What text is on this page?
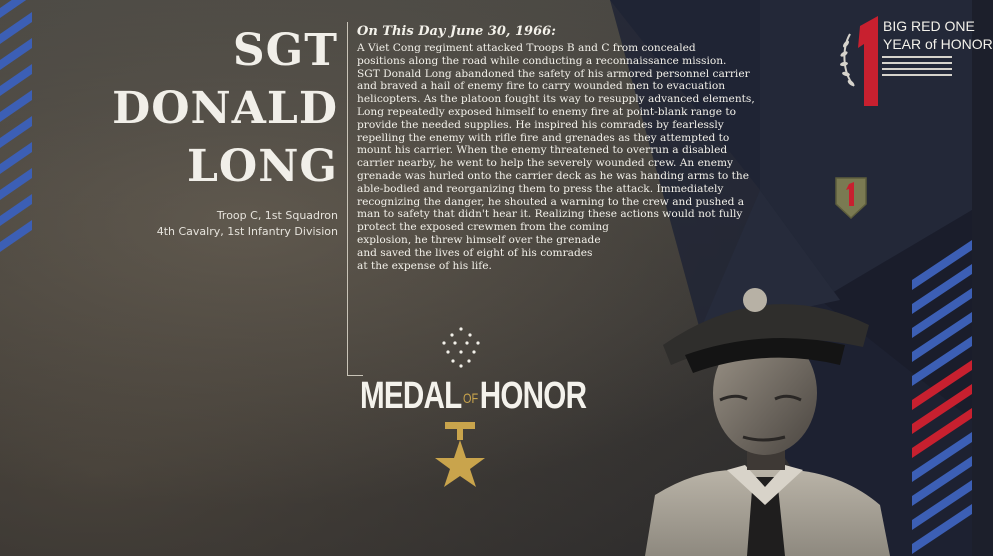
SGT
DONALD
LONG
Troop C, 1st Squadron
4th Cavalry, 1st Infantry Division
On This Day June 30, 1966:
A Viet Cong regiment attacked Troops B and C from concealed
positions along the road while conducting a reconnaissance mission.
SGT Donald Long abandoned the safety of his armored personnel carrier
and braved a hail of enemy fire to carry wounded men to evacuation
helicopters. As the platoon fought its way to resupply advanced elements,
Long repeatedly exposed himself to enemy fire at point-blank range to
provide the needed supplies. He inspired his comrades by fearlessly
repelling the enemy with rifle fire and grenades as they attempted to
mount his carrier. When the enemy threatened to overrun a disabled
carrier nearby, he went to help the severely wounded crew. An enemy
grenade was hurled onto the carrier deck as he was handing arms to the
able-bodied and reorganizing them to press the attack. Immediately
recognizing the danger, he shouted a warning to the crew and pushed a
man to safety that didn't hear it. Realizing these actions would not fully
protect the exposed crewmen from the coming
explosion, he threw himself over the grenade
and saved the lives of eight of his comrades
at the expense of his life.
MEDAL OFHONOR
BIG RED ONE
YEAR of HONOR
